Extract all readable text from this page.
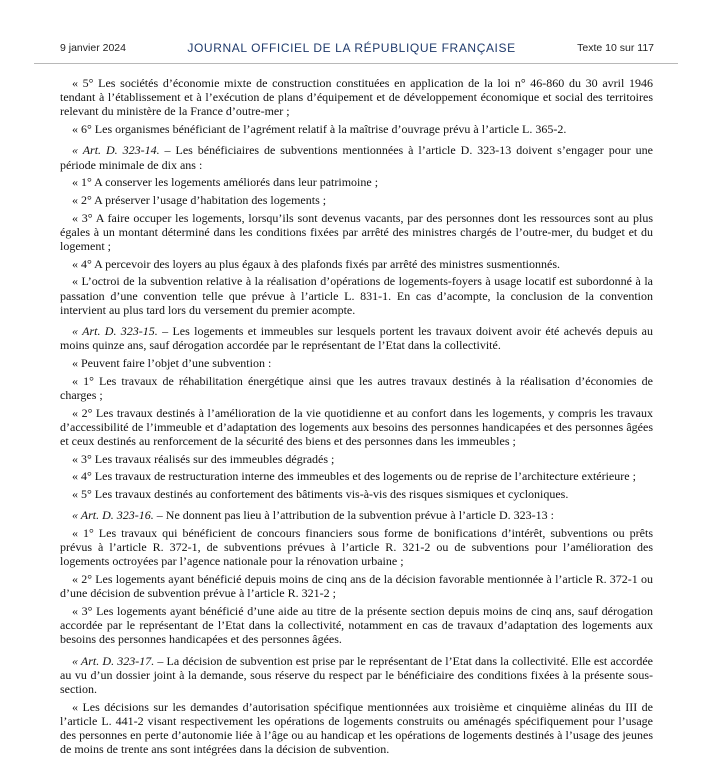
9 janvier 2024	JOURNAL OFFICIEL DE LA RÉPUBLIQUE FRANÇAISE	Texte 10 sur 117

« 5° Les sociétés d’économie mixte de construction constituées en application de la loi n° 46-860 du 30 avril 1946 tendant à l’établissement et à l’exécution de plans d’équipement et de développement économique et social des territoires relevant du ministère de la France d’outre-mer ;

« 6° Les organismes bénéficiant de l’agrément relatif à la maîtrise d’ouvrage prévu à l’article L. 365-2.

« Art. D. 323-14. – Les bénéficiaires de subventions mentionnées à l’article D. 323-13 doivent s’engager pour une période minimale de dix ans :

« 1° A conserver les logements améliorés dans leur patrimoine ;

« 2° A préserver l’usage d’habitation des logements ;

« 3° A faire occuper les logements, lorsqu’ils sont devenus vacants, par des personnes dont les ressources sont au plus égales à un montant déterminé dans les conditions fixées par arrêté des ministres chargés de l’outre-mer, du budget et du logement ;

« 4° A percevoir des loyers au plus égaux à des plafonds fixés par arrêté des ministres susmentionnés.

« L’octroi de la subvention relative à la réalisation d’opérations de logements-foyers à usage locatif est subordonné à la passation d’une convention telle que prévue à l’article L. 831-1. En cas d’acompte, la conclusion de la convention intervient au plus tard lors du versement du premier acompte.

« Art. D. 323-15. – Les logements et immeubles sur lesquels portent les travaux doivent avoir été achevés depuis au moins quinze ans, sauf dérogation accordée par le représentant de l’Etat dans la collectivité.

« Peuvent faire l’objet d’une subvention :

« 1° Les travaux de réhabilitation énergétique ainsi que les autres travaux destinés à la réalisation d’économies de charges ;

« 2° Les travaux destinés à l’amélioration de la vie quotidienne et au confort dans les logements, y compris les travaux d’accessibilité de l’immeuble et d’adaptation des logements aux besoins des personnes handicapées et des personnes âgées et ceux destinés au renforcement de la sécurité des biens et des personnes dans les immeubles ;

« 3° Les travaux réalisés sur des immeubles dégradés ;

« 4° Les travaux de restructuration interne des immeubles et des logements ou de reprise de l’architecture extérieure ;

« 5° Les travaux destinés au confortement des bâtiments vis-à-vis des risques sismiques et cycloniques.

« Art. D. 323-16. – Ne donnent pas lieu à l’attribution de la subvention prévue à l’article D. 323-13 :

« 1° Les travaux qui bénéficient de concours financiers sous forme de bonifications d’intérêt, subventions ou prêts prévus à l’article R. 372-1, de subventions prévues à l’article R. 321-2 ou de subventions pour l’amélioration des logements octroyées par l’agence nationale pour la rénovation urbaine ;

« 2° Les logements ayant bénéficié depuis moins de cinq ans de la décision favorable mentionnée à l’article R. 372-1 ou d’une décision de subvention prévue à l’article R. 321-2 ;

« 3° Les logements ayant bénéficié d’une aide au titre de la présente section depuis moins de cinq ans, sauf dérogation accordée par le représentant de l’Etat dans la collectivité, notamment en cas de travaux d’adaptation des logements aux besoins des personnes handicapées et des personnes âgées.

« Art. D. 323-17. – La décision de subvention est prise par le représentant de l’Etat dans la collectivité. Elle est accordée au vu d’un dossier joint à la demande, sous réserve du respect par le bénéficiaire des conditions fixées à la présente sous-section.

« Les décisions sur les demandes d’autorisation spécifique mentionnées aux troisième et cinquième alinéas du III de l’article L. 441-2 visant respectivement les opérations de logements construits ou aménagés spécifiquement pour l’usage des personnes en perte d’autonomie liée à l’âge ou au handicap et les opérations de logements destinés à l’usage des jeunes de moins de trente ans sont intégrées dans la décision de subvention.
